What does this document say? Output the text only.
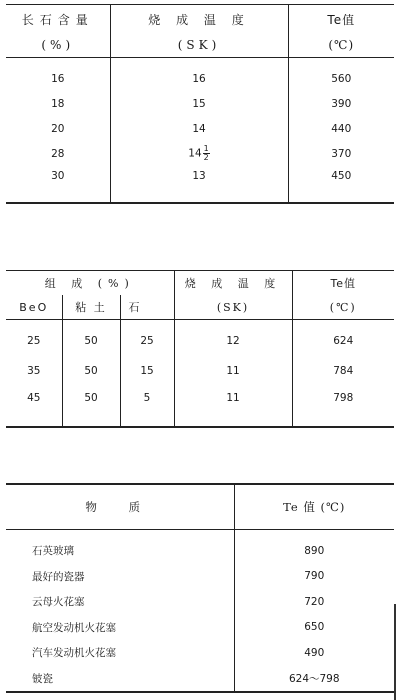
长石含量	烧 成 温 度	Te值
(%)	(SK)	(℃)

16	16	560
18	15	390
20	14	440
28	$14 \frac{1}{2}$	370
30	13	450
组 成 (%)			烧 成 温 度	Te值
BeO	粘 土	石	(SK)	(℃)

25	50	25	12	624
35	50	15	11	784
45	50	5	11	798
物 质	Te 值 (℃)

石英玻璃	890
最好的瓷器	790
云母火花塞	720
航空发动机火花塞	650
汽车发动机火花塞	490
铍瓷	624～798
